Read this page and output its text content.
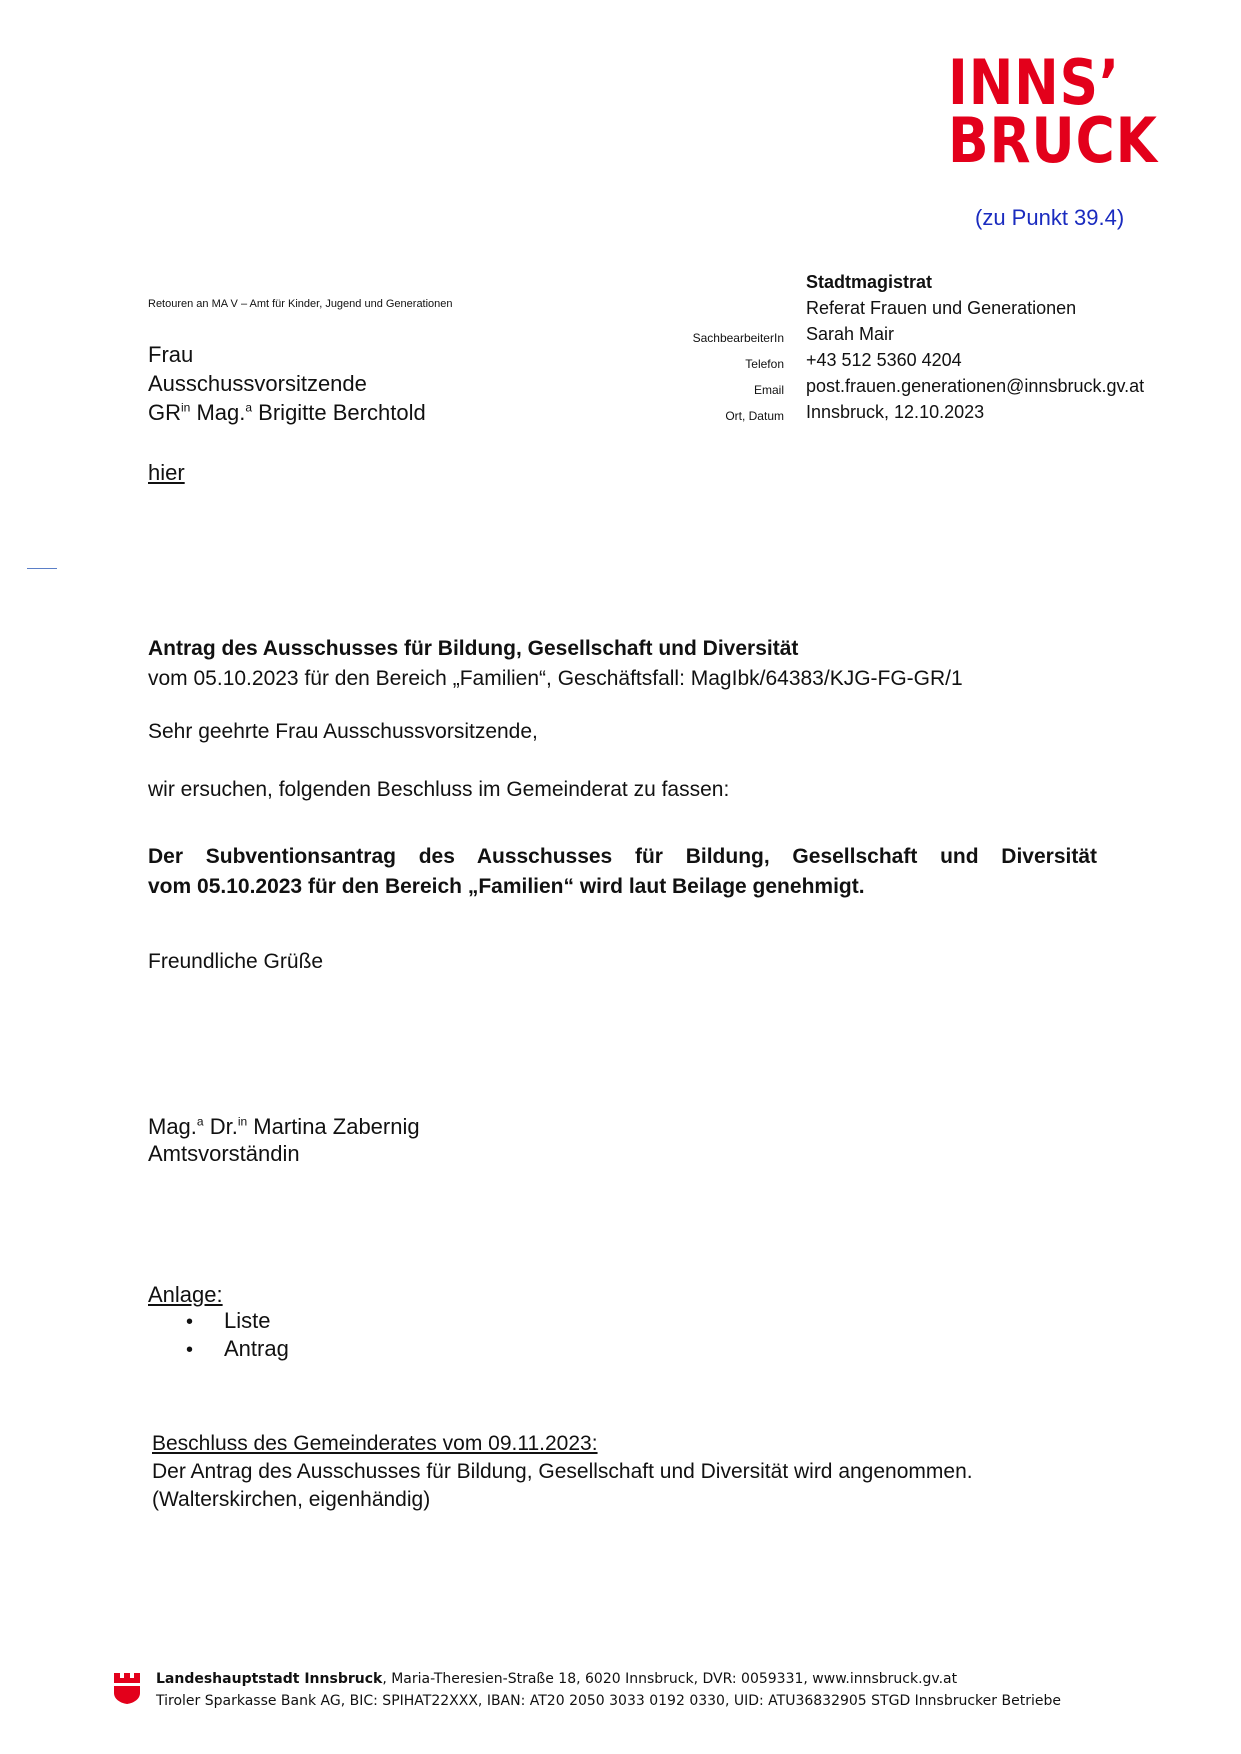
INNS’
BRUCK
(zu Punkt 39.4)
Stadtmagistrat
Referat Frauen und Generationen
SachbearbeiterIn Sarah Mair
Telefon +43 512 5360 4204
Email post.frauen.generationen@innsbruck.gv.at
Ort, Datum Innsbruck, 12.10.2023
Retouren an MA V – Amt für Kinder, Jugend und Generationen
Frau
Ausschussvorsitzende
$GR^{in}$ Mag.$^a$ Brigitte Berchtold
hier
Antrag des Ausschusses für Bildung, Gesellschaft und Diversität
vom 05.10.2023 für den Bereich „Familien“, Geschäftsfall: MagIbk/64383/KJG-FG-GR/1
Sehr geehrte Frau Ausschussvorsitzende,
wir ersuchen, folgenden Beschluss im Gemeinderat zu fassen:
Der Subventionsantrag des Ausschusses für Bildung, Gesellschaft und Diversität
vom 05.10.2023 für den Bereich „Familien“ wird laut Beilage genehmigt.
Freundliche Grüße
Mag.$^a$ Dr.$^{in}$ Martina Zabernig
Amtsvorständin
Anlage:
• Liste
• Antrag
Beschluss des Gemeinderates vom 09.11.2023:
Der Antrag des Ausschusses für Bildung, Gesellschaft und Diversität wird angenommen.
(Walterskirchen, eigenhändig)
Landeshauptstadt Innsbruck, Maria-Theresien-Straße 18, 6020 Innsbruck, DVR: 0059331, www.innsbruck.gv.at
Tiroler Sparkasse Bank AG, BIC: SPIHAT22XXX, IBAN: AT20 2050 3033 0192 0330, UID: ATU36832905 STGD Innsbrucker Betriebe
